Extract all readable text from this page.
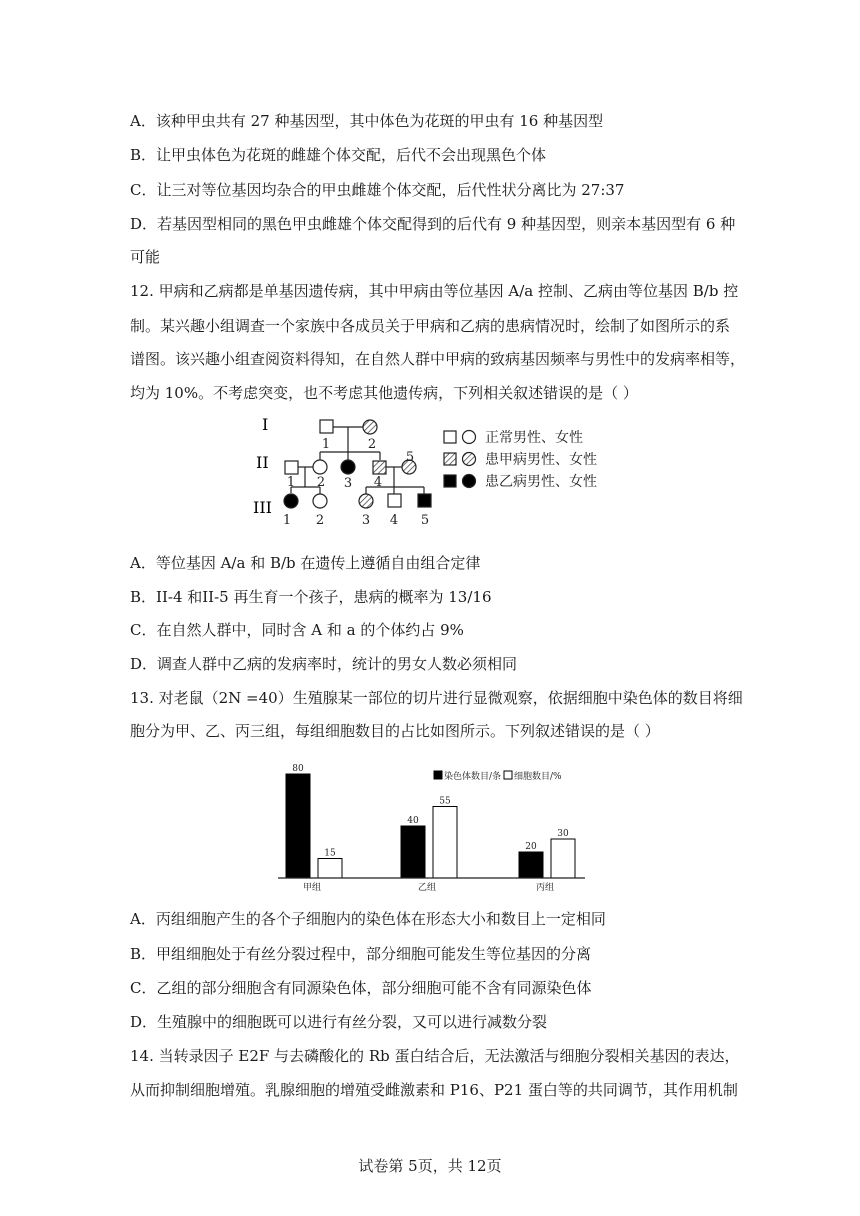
A．该种甲虫共有 27 种基因型，其中体色为花斑的甲虫有 16 种基因型
B．让甲虫体色为花斑的雌雄个体交配，后代不会出现黑色个体
C．让三对等位基因均杂合的甲虫雌雄个体交配，后代性状分离比为 27:37
D．若基因型相同的黑色甲虫雌雄个体交配得到的后代有 9 种基因型，则亲本基因型有 6 种
可能
12. 甲病和乙病都是单基因遗传病，其中甲病由等位基因 A/a 控制、乙病由等位基因 B/b 控
制。某兴趣小组调查一个家族中各成员关于甲病和乙病的患病情况时，绘制了如图所示的系
谱图。该兴趣小组查阅资料得知，在自然人群中甲病的致病基因频率与男性中的发病率相等，
均为 10%。不考虑突变，也不考虑其他遗传病，下列相关叙述错误的是（ ）
I
II
III
1	2
1 2 3 4
5
1 2	3 4 5
正常男性、女性
患甲病男性、女性
患乙病男性、女性
A．等位基因 A/a 和 B/b 在遗传上遵循自由组合定律
B．II-4 和II-5 再生育一个孩子，患病的概率为 13/16
C．在自然人群中，同时含 A 和 a 的个体约占 9%
D．调查人群中乙病的发病率时，统计的男女人数必须相同
13. 对老鼠（2N =40）生殖腺某一部位的切片进行显微观察，依据细胞中染色体的数目将细
胞分为甲、乙、丙三组，每组细胞数目的占比如图所示。下列叙述错误的是（ ）
80
15
40
55
20
30
染色体数目/条 细胞数目/%
甲组	乙组	丙组
A．丙组细胞产生的各个子细胞内的染色体在形态大小和数目上一定相同
B．甲组细胞处于有丝分裂过程中，部分细胞可能发生等位基因的分离
C．乙组的部分细胞含有同源染色体，部分细胞可能不含有同源染色体
D．生殖腺中的细胞既可以进行有丝分裂，又可以进行减数分裂
14. 当转录因子 E2F 与去磷酸化的 Rb 蛋白结合后，无法激活与细胞分裂相关基因的表达，
从而抑制细胞增殖。乳腺细胞的增殖受雌激素和 P16、P21 蛋白等的共同调节，其作用机制
试卷第 5页，共 12页
